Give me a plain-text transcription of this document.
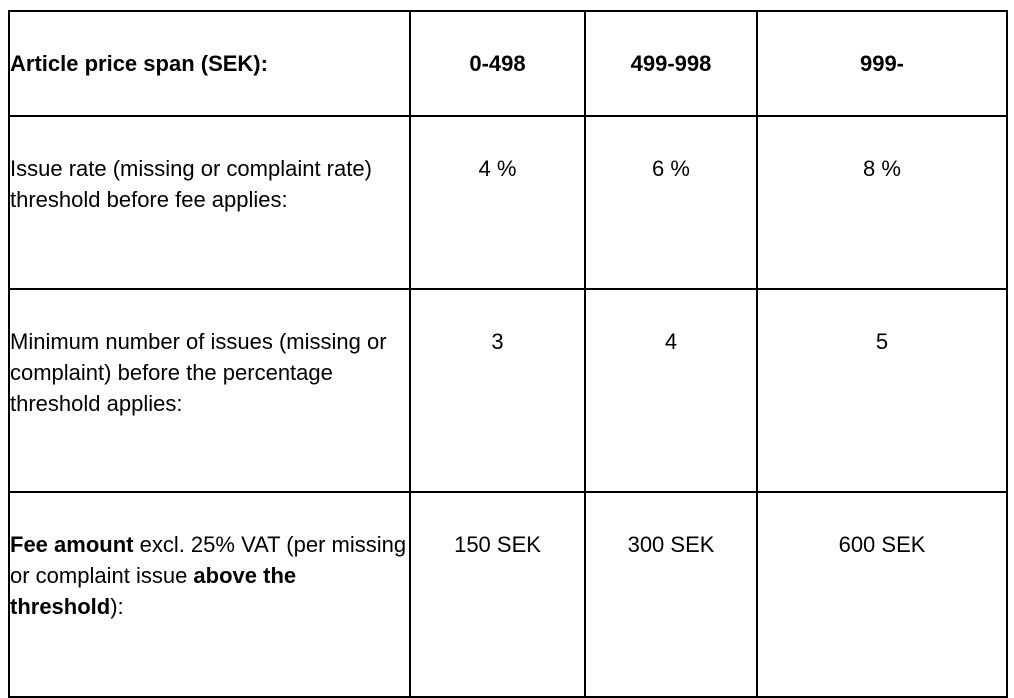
Article price span (SEK):	0-498	499-998	999-
Issue rate (missing or complaint rate) threshold before fee applies:	4 %	6 %	8 %
Minimum number of issues (missing or complaint) before the percentage threshold applies:	3	4	5
Fee amount excl. 25% VAT (per missing or complaint issue above the threshold):	150 SEK	300 SEK	600 SEK
